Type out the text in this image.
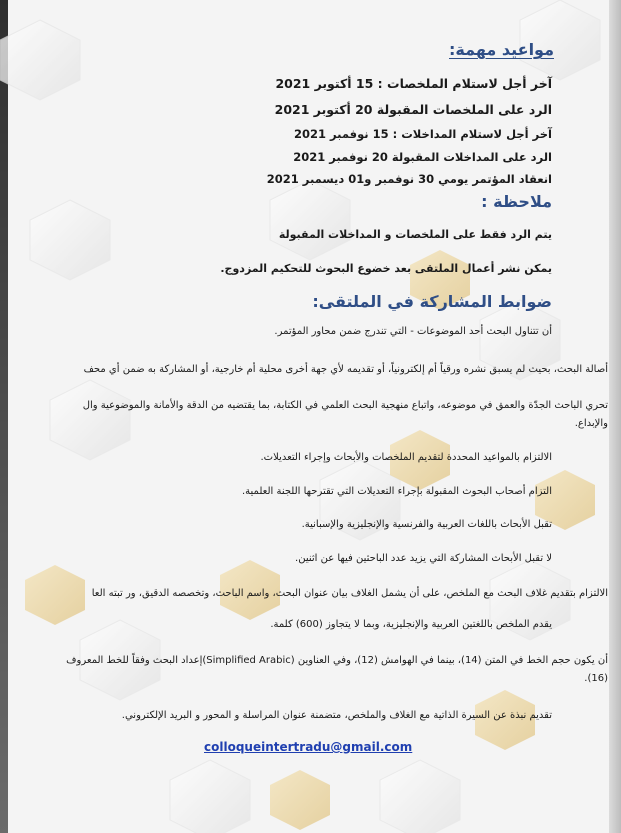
مواعيد مهمة:
آخر أجل لاستلام الملخصات : 15 أكتوبر 2021
الرد على الملخصات المقبولة 20 أكتوبر 2021
آخر أجل لاستلام المداخلات : 15 نوفمبر 2021
الرد على المداخلات المقبولة 20 نوفمبر 2021
انعقاد المؤتمر يومي 30 نوفمبر و01 ديسمبر 2021
ملاحظة :
يتم الرد فقط على الملخصات و المداخلات المقبولة
يمكن نشر أعمال الملتقى بعد خضوع البحوث للتحكيم المزدوج.
ضوابط المشاركة في الملتقى:
أن تتناول البحث أحد الموضوعات - التي تندرج ضمن محاور المؤتمر.
أصالة البحث، بحيث لم يسبق نشره ورقياً أم إلكترونياً، أو تقديمه لأي جهة أخرى محلية أم خارجية، أو المشاركة به ضمن أي محف
تحري الباحث الجدّة والعمق في موضوعه، واتباع منهجية البحث العلمي في الكتابة، بما يقتضيه من الدقة والأمانة والموضوعية وال
والإبداع.
الالتزام بالمواعيد المحددة لتقديم الملخصات والأبحاث وإجراء التعديلات.
التزام أصحاب البحوث المقبولة بإجراء التعديلات التي تقترحها اللجنة العلمية.
تقبل الأبحاث باللغات العربية والفرنسية والإنجليزية والإسبانية.
لا تقبل الأبحاث المشاركة التي يزيد عدد الباحثين فيها عن اثنين.
الالتزام بتقديم غلاف البحث مع الملخص، على أن يشمل الغلاف بيان عنوان البحث، واسم الباحث، وتخصصه الدقيق، ور تبته العا
يقدم الملخص باللغتين العربية والإنجليزية، وبما لا يتجاوز (600) كلمة.
أن يكون حجم الخط في المتن (14)، بينما في الهوامش (12)، وفي العناوين (Simplified Arabic)إعداد البحث وفقاً للخط المعروف
(16).
تقديم نبذة عن السيرة الذاتية مع الغلاف والملخص، متضمنة عنوان المراسلة و المحور و البريد الإلكتروني.
colloqueintertradu@gmail.com
